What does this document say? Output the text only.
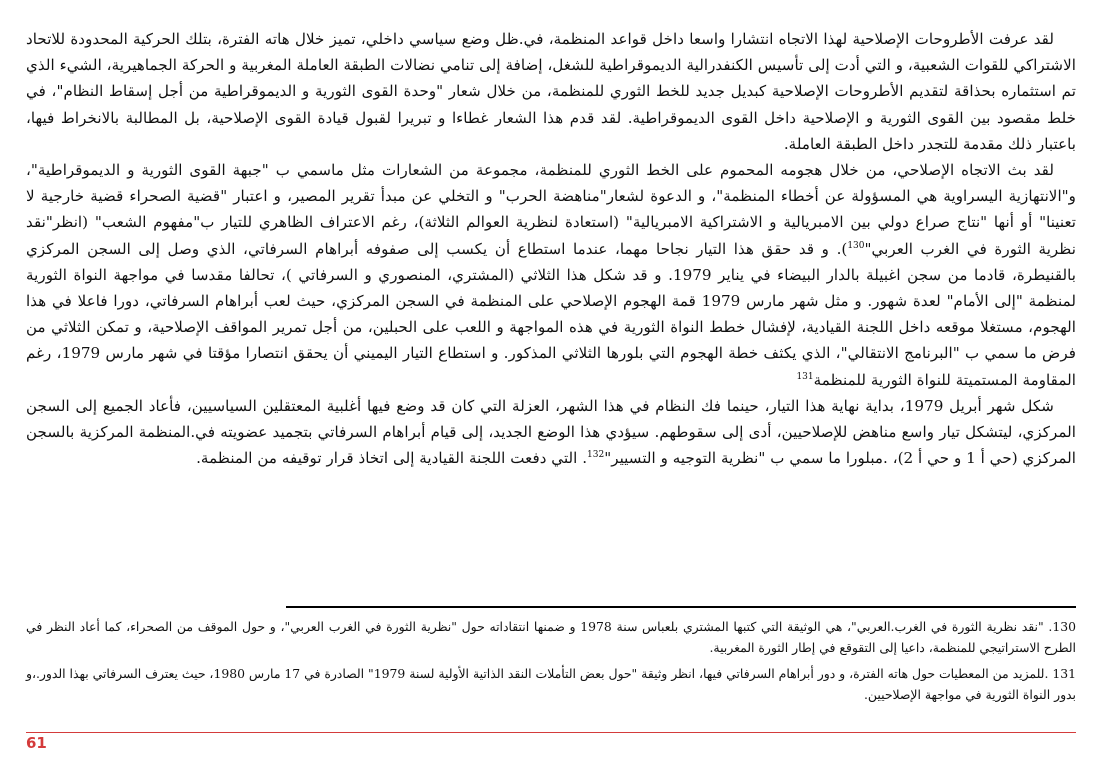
لقد عرفت الأطروحات الإصلاحية لهذا الاتجاه انتشارا واسعا داخل قواعد المنظمة، في.ظل وضع سياسي داخلي، تميز خلال هاته الفترة، بتلك الحركية المحدودة للاتحاد الاشتراكي للقوات الشعبية، و التي أدت إلى تأسيس الكنفدرالية الديموقراطية للشغل، إضافة إلى تنامي نضالات الطبقة العاملة المغربية و الحركة الجماهيرية، الشيء الذي تم استثماره بحذاقة لتقديم الأطروحات الإصلاحية كبديل جديد للخط الثوري للمنظمة، من خلال شعار "وحدة القوى الثورية و الديموقراطية من أجل إسقاط النظام"، في خلط مقصود بين القوى الثورية و الإصلاحية داخل القوى الديموقراطية. لقد قدم هذا الشعار غطاءا و تبريرا لقبول قيادة القوى الإصلاحية، بل المطالبة بالانخراط فيها، باعتبار ذلك مقدمة للتجدر داخل الطبقة العاملة.

لقد بث الاتجاه الإصلاحي، من خلال هجومه المحموم على الخط الثوري للمنظمة، مجموعة من الشعارات مثل ماسمي ب "جبهة القوى الثورية و الديموقراطية"، و"الانتهازية اليسراوية هي المسؤولة عن أخطاء المنظمة"، و الدعوة لشعار"مناهضة الحرب" و التخلي عن مبدأ تقرير المصير، و اعتبار "قضية الصحراء قضية خارجية لا تعنينا" أو أنها "نتاج صراع دولي بين الامبريالية و الاشتراكية الامبريالية" (استعادة لنظرية العوالم الثلاثة)، رغم الاعتراف الظاهري للتيار ب"مفهوم الشعب" (انظر"نقد نظرية الثورة في الغرب العربي"$^{130}$). و قد حقق هذا التيار نجاحا مهما، عندما استطاع أن يكسب إلى صفوفه أبراهام السرفاتي، الذي وصل إلى السجن المركزي بالقنيطرة، قادما من سجن اغبيلة بالدار البيضاء في يناير 1979. و قد شكل هذا الثلاثي (المشتري، المنصوري و السرفاتي )، تحالفا مقدسا في مواجهة النواة الثورية لمنظمة "إلى الأمام" لعدة شهور. و مثل شهر مارس 1979 قمة الهجوم الإصلاحي على المنظمة في السجن المركزي، حيث لعب أبراهام السرفاتي، دورا فاعلا في هذا الهجوم، مستغلا موقعه داخل اللجنة القيادية، لإفشال خطط النواة الثورية في هذه المواجهة و اللعب على الحبلين، من أجل تمرير المواقف الإصلاحية، و تمكن الثلاثي من فرض ما سمي ب "البرنامج الانتقالي"، الذي يكثف خطة الهجوم التي بلورها الثلاثي المذكور. و استطاع التيار اليميني أن يحقق انتصارا مؤقتا في شهر مارس 1979، رغم المقاومة المستميتة للنواة الثورية للمنظمة$^{131}$

شكل شهر أبريل 1979، بداية نهاية هذا التيار، حينما فك النظام في هذا الشهر، العزلة التي كان قد وضع فيها أغلبية المعتقلين السياسيين، فأعاد الجميع إلى السجن المركزي، ليتشكل تيار واسع مناهض للإصلاحيين، أدى إلى سقوطهم. سيؤدي هذا الوضع الجديد، إلى قيام أبراهام السرفاتي بتجميد عضويته في.المنظمة المركزية بالسجن المركزي (حي أ 1 و حي أ 2)، .مبلورا ما سمي ب "نظرية التوجيه و التسيير"$^{132}$. التي دفعت اللجنة القيادية إلى اتخاذ قرار توقيفه من المنظمة.

130. "نقد نظرية الثورة في الغرب.العربي"، هي الوثيقة التي كتبها المشتري بلعباس سنة 1978 و ضمنها انتقاداته حول "نظرية الثورة في الغرب العربي"، و حول الموقف من الصحراء، كما أعاد النظر في الطرح الاستراتيجي للمنظمة، داعيا إلى التقوقع في إطار الثورة المغربية.

131 .للمزيد من المعطيات حول هاته الفترة، و دور أبراهام السرفاتي فيها، انظر وثيقة "حول بعض التأملات النقد الذاتية الأولية لسنة 1979" الصادرة في 17 مارس 1980، حيث يعترف السرفاتي بهذا الدور.،و بدور النواة الثورية في مواجهة الإصلاحيين.

61
